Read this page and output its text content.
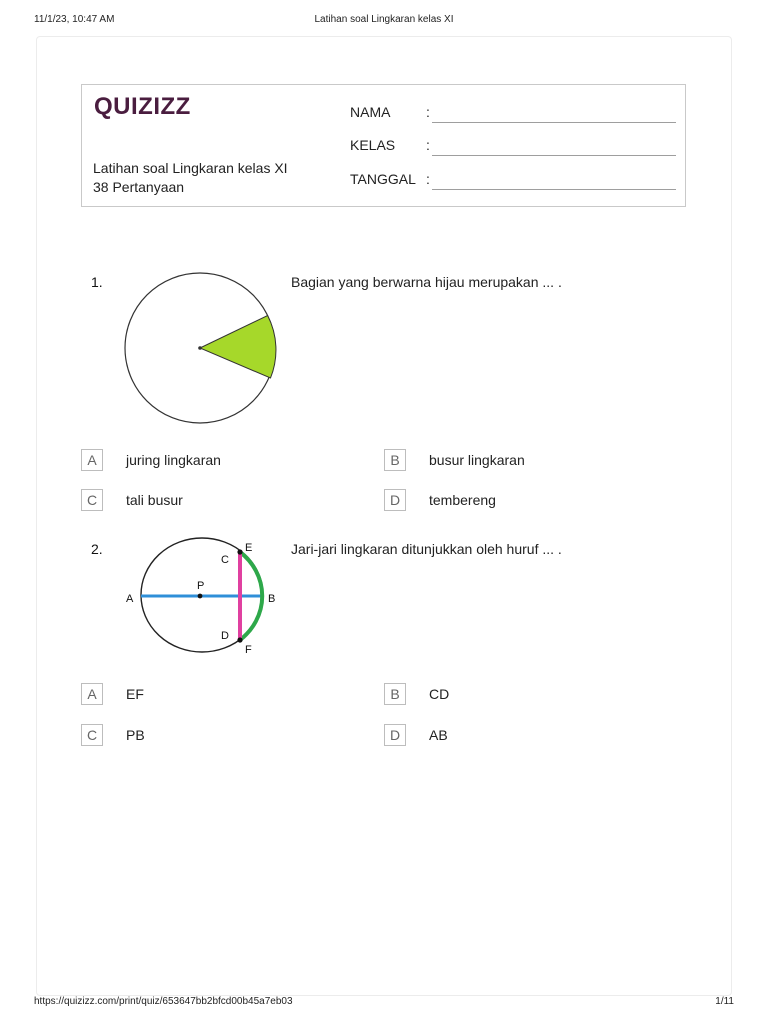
11/1/23, 10:47 AM	Latihan soal Lingkaran kelas XI
QUIZIZZ
Latihan soal Lingkaran kelas XI
38 Pertanyaan
NAMA	:
KELAS :
TANGGAL :
1.	Bagian yang berwarna hijau merupakan ... .
A	juring lingkaran	B	busur lingkaran
C	tali busur	D	tembereng
2.
A	B
C
D
E
F
P
Jari-jari lingkaran ditunjukkan oleh huruf ... .
A	EF	B	CD
C	PB	D	AB
https://quizizz.com/print/quiz/653647bb2bfcd00b45a7eb03	1/11
